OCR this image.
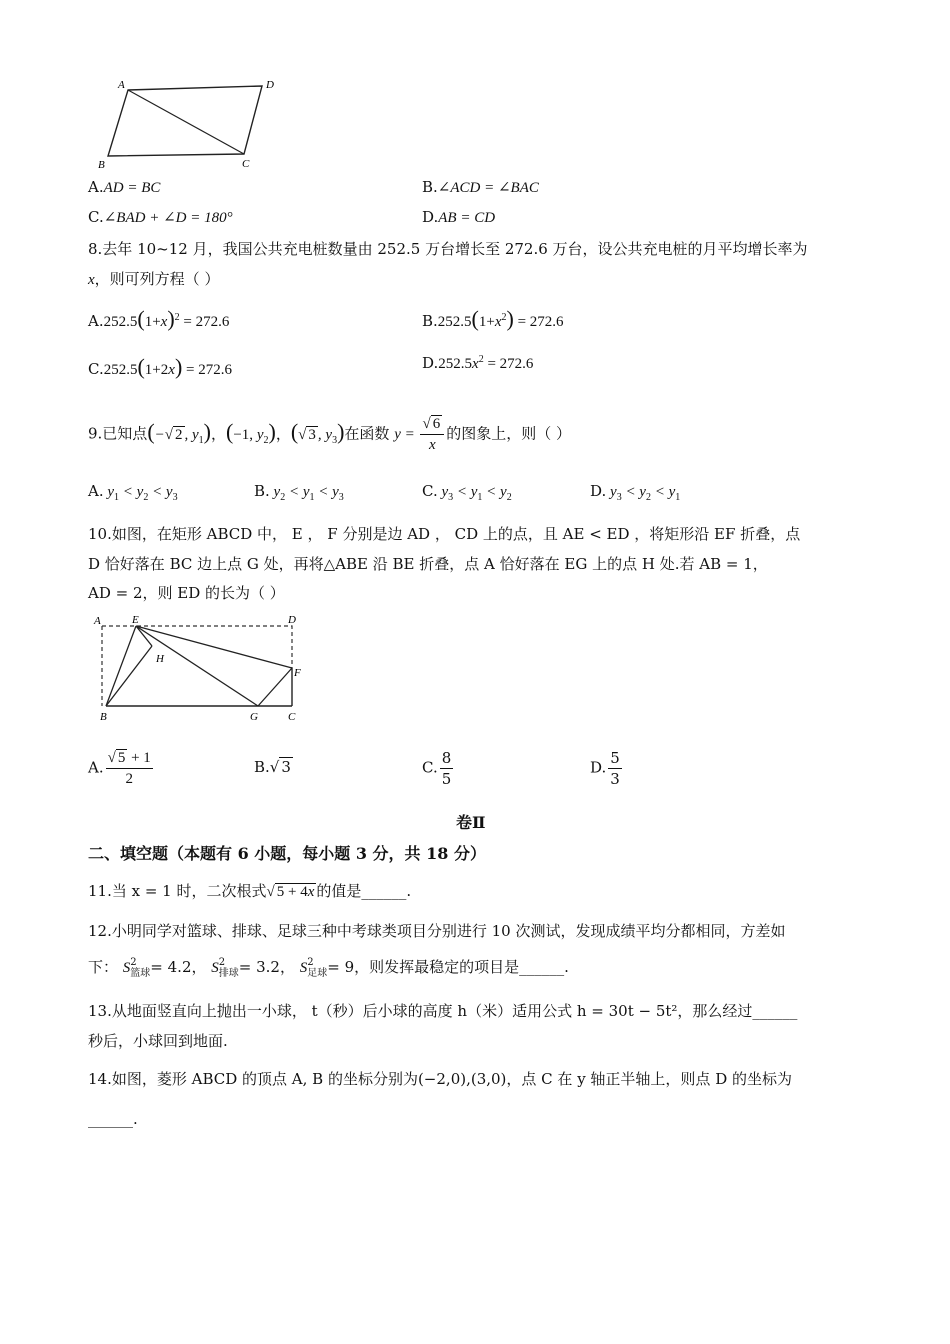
A	D
B	C
A.AD = BC	B.∠ACD = ∠BAC
C.∠BAD + ∠D = 180°	D.AB = CD
8.去年 10~12 月，我国公共充电桩数量由 252.5 万台增长至 272.6 万台，设公共充电桩的月平均增长率为
x，则可列方程（ ）
$A.252.5(1+x)^2 = 272.6$	$B.252.5(1+x^2) = 272.6$
C.252.5(1+2x) = 272.6	$D.252.5x^2 = 272.6$
9.已知点(−√ 2 , $y_1$)，(−1, $y_2$)，(√ 3 , $y_3$)在函数 $y = \frac{√ 6}{x}$ 的图象上，则（ ）
A. $y_1 < y_2 < y_3$	B. $y_2 < y_1 < y_3$	C. $y_3 < y_1 < y_2$	D. $y_3 < y_2 < y_1$
10.如图，在矩形 ABCD 中， E ， F 分别是边 AD ， CD 上的点，且 AE < ED ，将矩形沿 EF 折叠，点
D 恰好落在 BC 边上点 G 处，再将△ABE 沿 BE 折叠，点 A 恰好落在 EG 上的点 H 处.若 AB = 1，
AD = 2，则 ED 的长为（ ）
A	E	D
H
F
B	G	C
A. $\frac{√ 5 + 1}{2}$	B.√ 3	C. $\frac{8}{5}$	D. $\frac{5}{3}$
卷Ⅱ
二、填空题（本题有 6 小题，每小题 3 分，共 18 分）
11.当 x = 1 时，二次根式√ 5 + 4x 的值是______.
12.小明同学对篮球、排球、足球三种中考球类项目分别进行 10 次测试，发现成绩平均分都相同，方差如
下： S 2
篮球 = 4.2， S 2
排球 = 3.2， S 2
足球 = 9，则发挥最稳定的项目是______.
13.从地面竖直向上抛出一小球， t（秒）后小球的高度 h（米）适用公式 h = 30t − 5t²，那么经过______
秒后，小球回到地面.
14.如图，菱形 ABCD 的顶点 A, B 的坐标分别为(−2,0),(3,0)，点 C 在 y 轴正半轴上，则点 D 的坐标为
______.
